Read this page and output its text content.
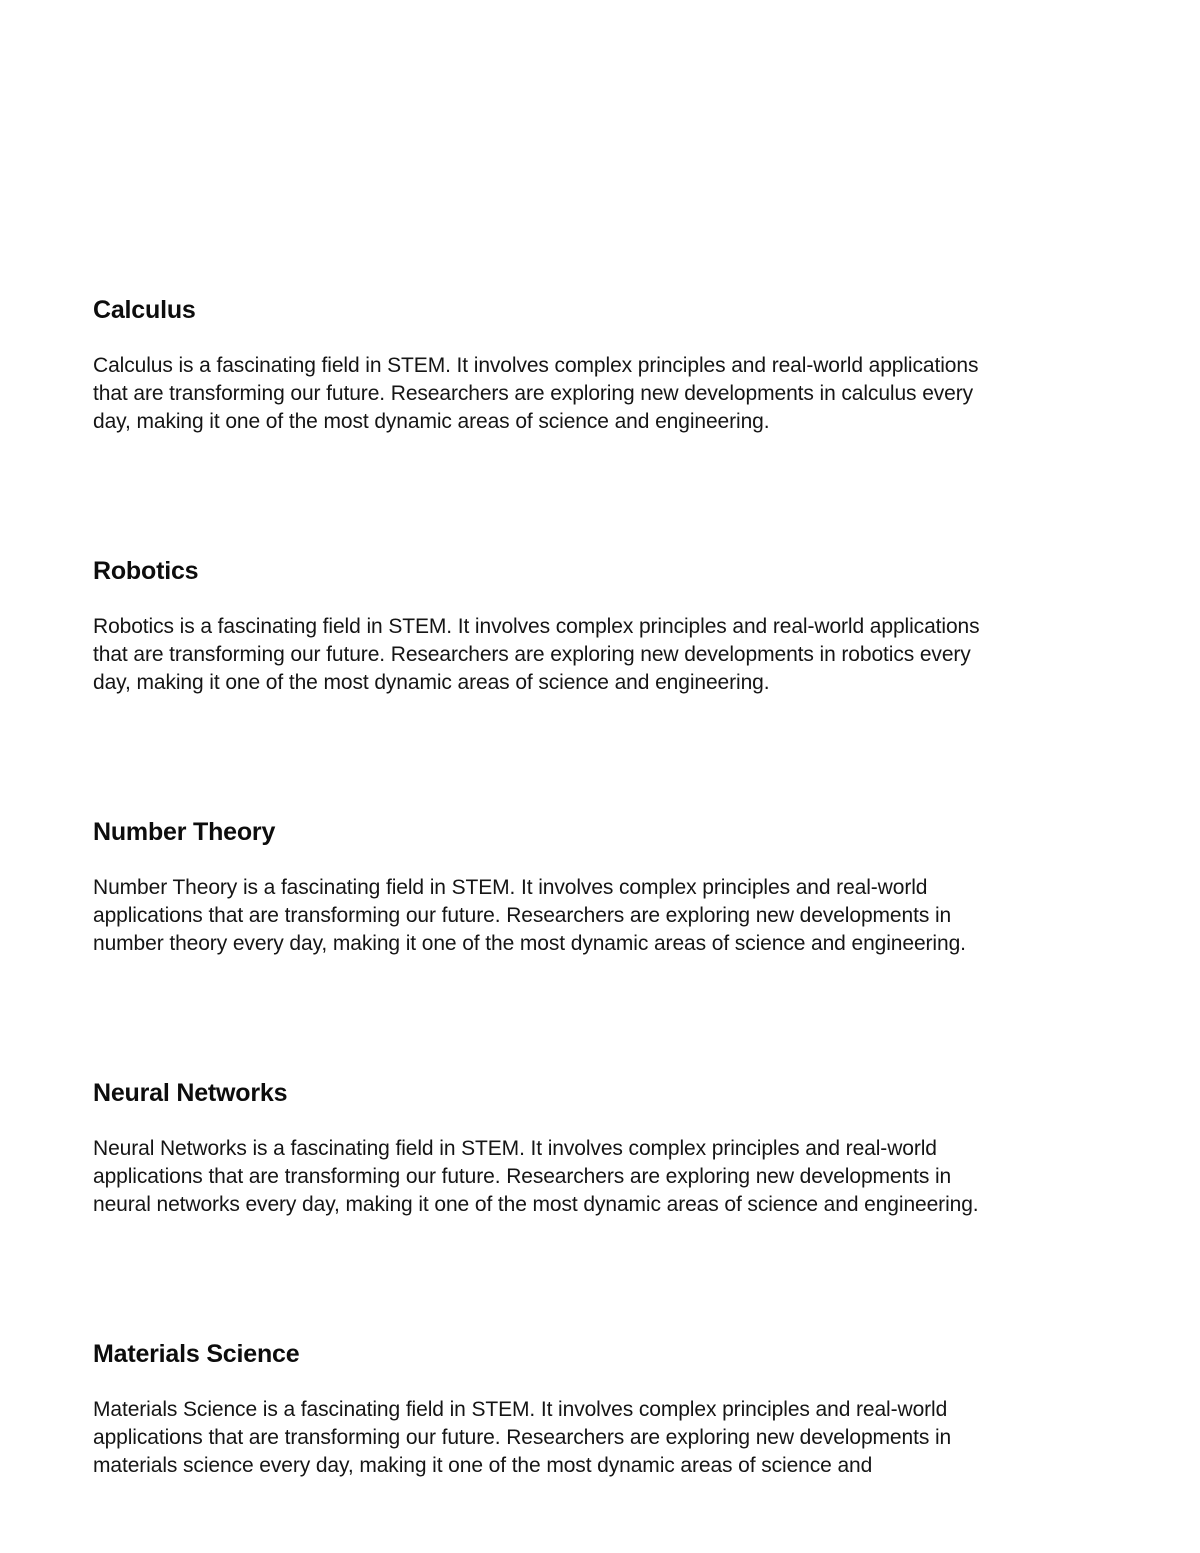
Calculus

Calculus is a fascinating field in STEM. It involves complex principles and real-world applications
that are transforming our future. Researchers are exploring new developments in calculus every
day, making it one of the most dynamic areas of science and engineering.

Robotics

Robotics is a fascinating field in STEM. It involves complex principles and real-world applications
that are transforming our future. Researchers are exploring new developments in robotics every
day, making it one of the most dynamic areas of science and engineering.

Number Theory

Number Theory is a fascinating field in STEM. It involves complex principles and real-world
applications that are transforming our future. Researchers are exploring new developments in
number theory every day, making it one of the most dynamic areas of science and engineering.

Neural Networks

Neural Networks is a fascinating field in STEM. It involves complex principles and real-world
applications that are transforming our future. Researchers are exploring new developments in
neural networks every day, making it one of the most dynamic areas of science and engineering.

Materials Science

Materials Science is a fascinating field in STEM. It involves complex principles and real-world
applications that are transforming our future. Researchers are exploring new developments in
materials science every day, making it one of the most dynamic areas of science and
